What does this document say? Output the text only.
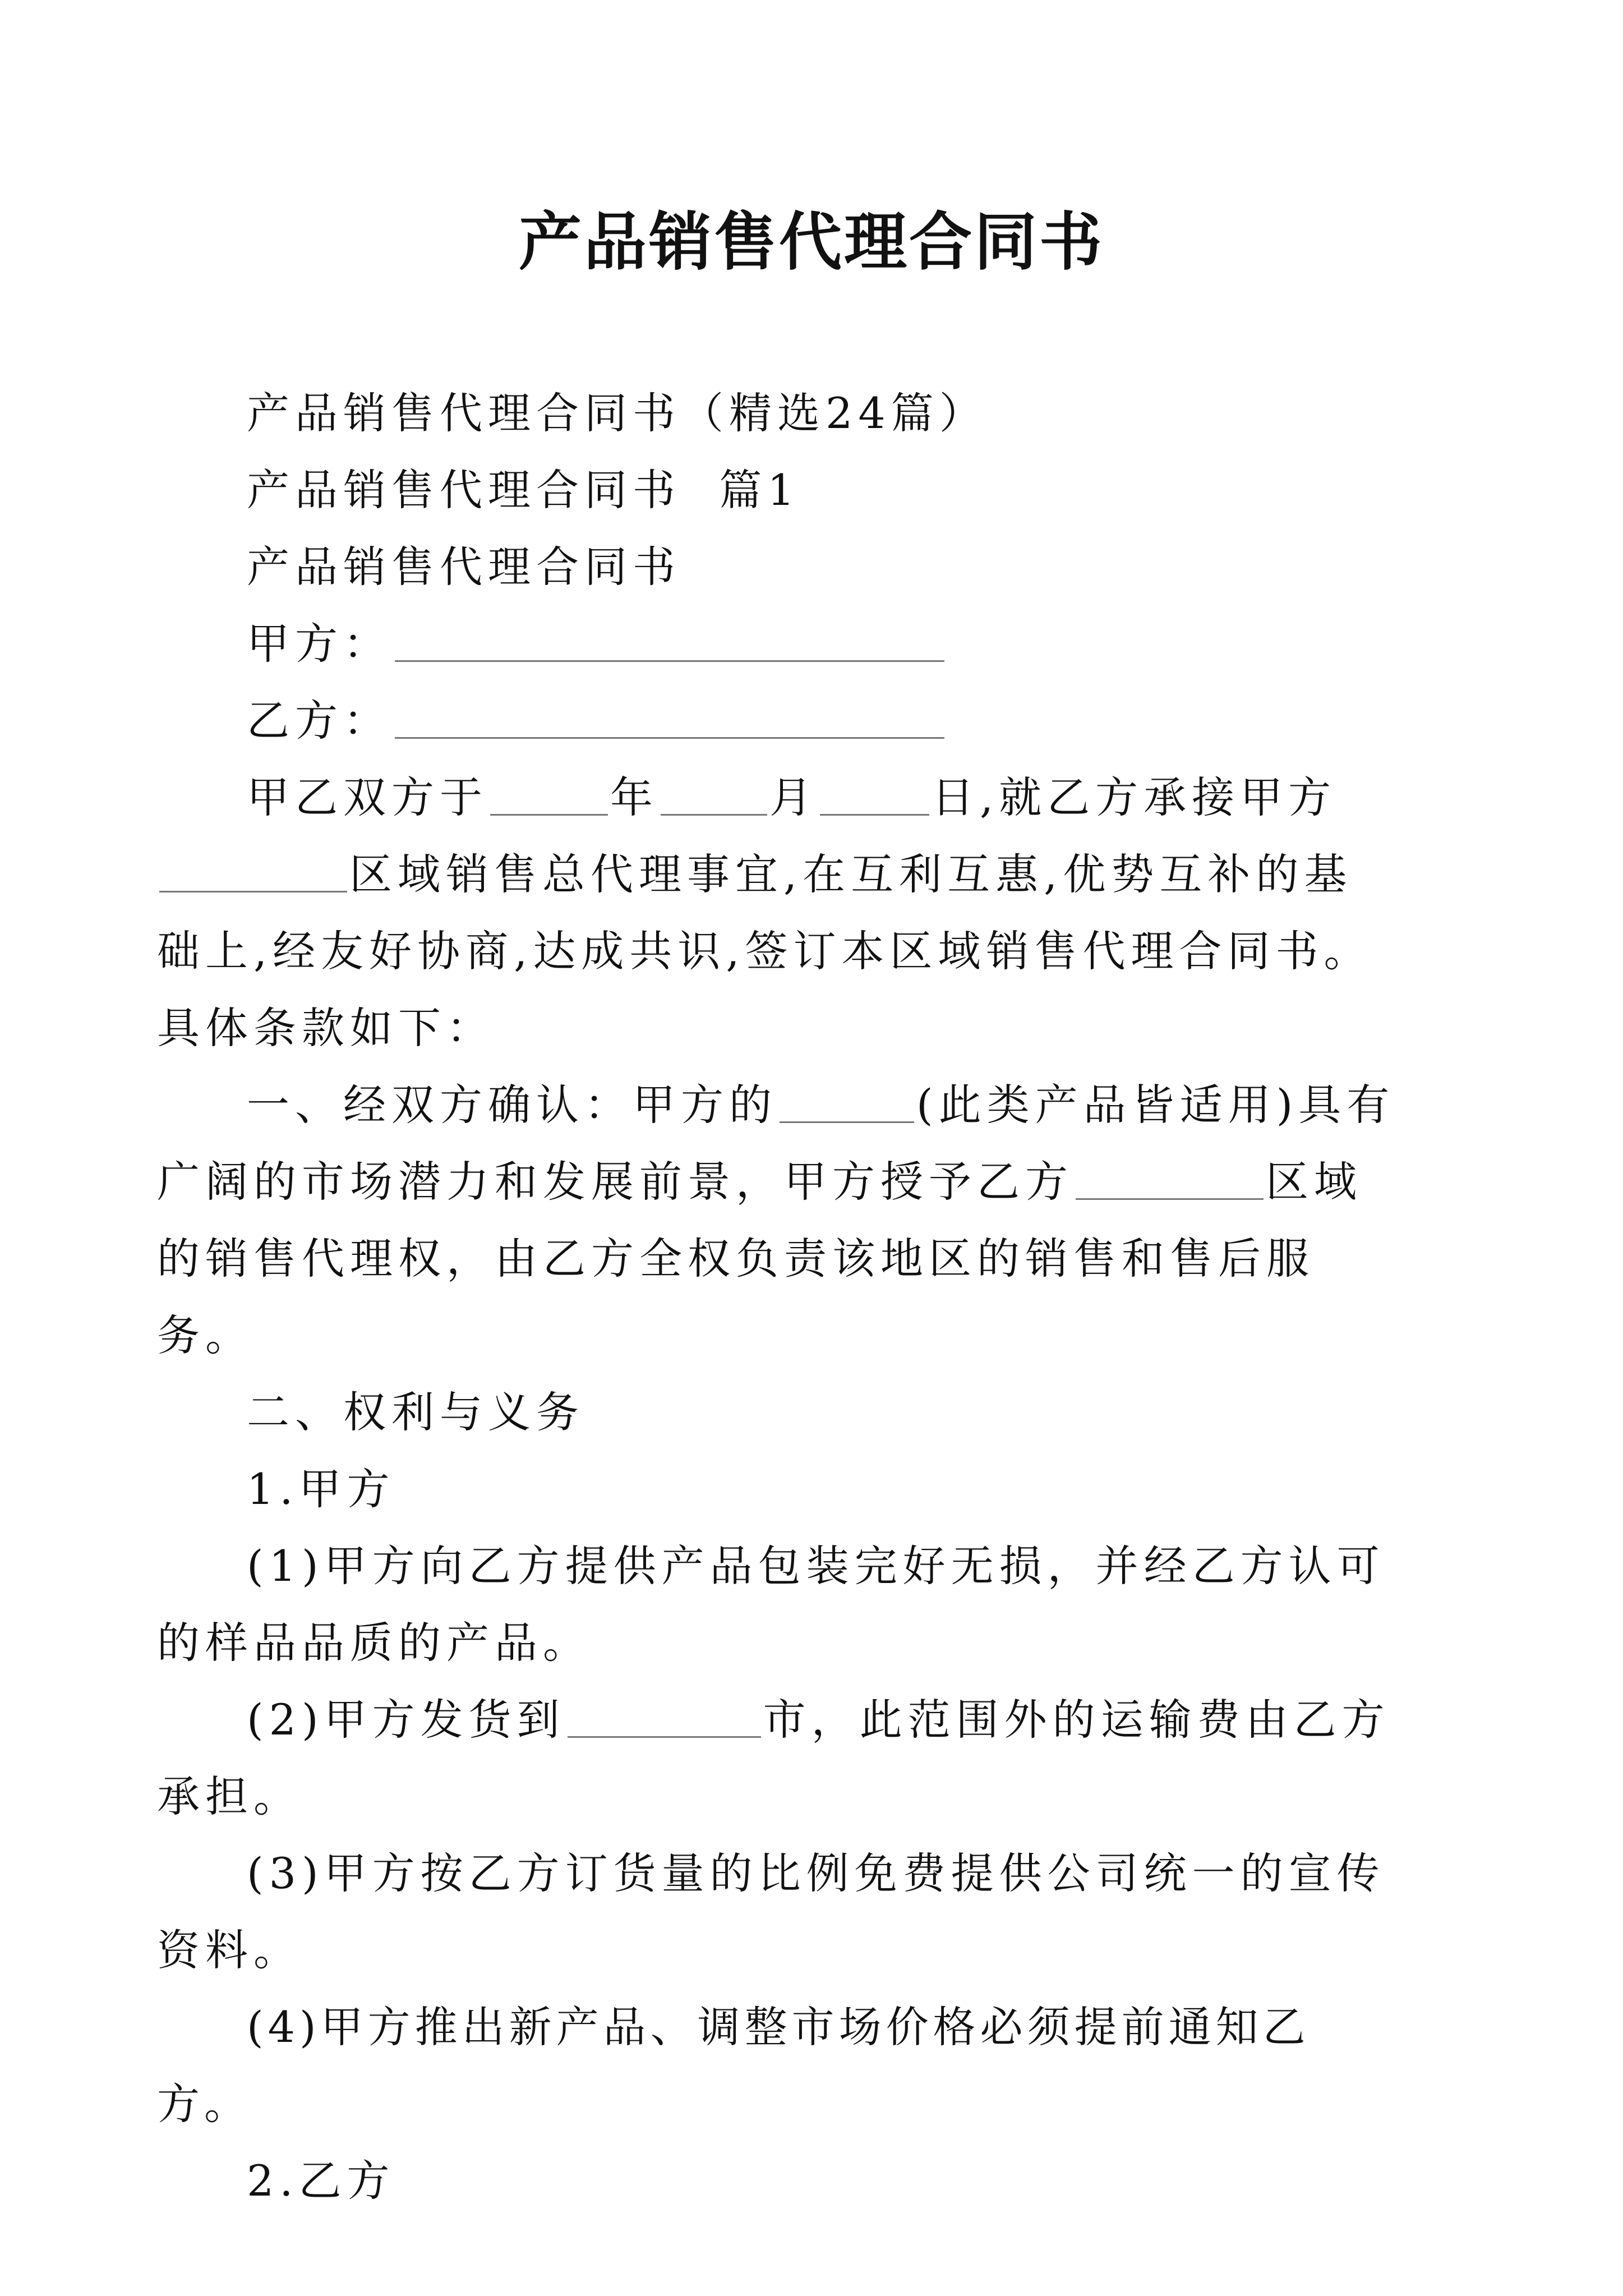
产品销售代理合同书

产品销售代理合同书（精选24篇）

产品销售代理合同书  篇1

产品销售代理合同书

甲方：

乙方：

甲乙双方于	年	月	日,就乙方承接甲方区域销售总代理事宜,在互利互惠,优势互补的基础上,经友好协商,达成共识,签订本区域销售代理合同书。具体条款如下：

一、经双方确认：甲方的	(此类产品皆适用)具有广阔的市场潜力和发展前景，甲方授予乙方	区域的销售代理权，由乙方全权负责该地区的销售和售后服务。

二、权利与义务

1.甲方

(1)甲方向乙方提供产品包装完好无损，并经乙方认可的样品品质的产品。

(2)甲方发货到	市，此范围外的运输费由乙方承担。

(3)甲方按乙方订货量的比例免费提供公司统一的宣传资料。

(4)甲方推出新产品、调整市场价格必须提前通知乙方。

2.乙方
